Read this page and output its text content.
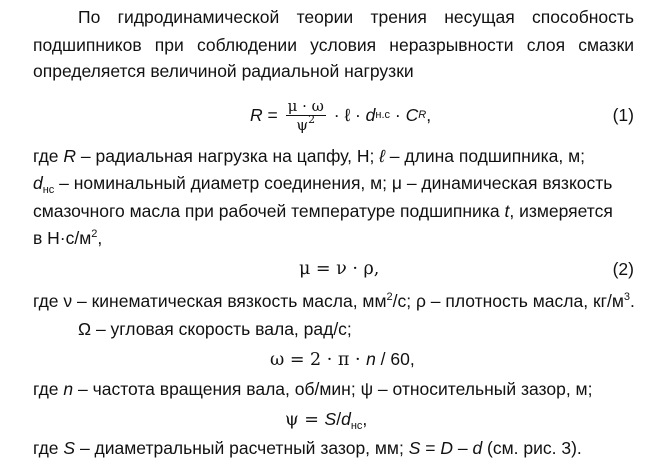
По гидродинамической теории трения несущая способность
подшипников при соблюдении условия неразрывности слоя смазки
определяется величиной радиальной нагрузки
$R = \frac{\mu \cdot \omega}{\psi^2}$ · ℓ · d н.с · C R ,	(1)
где R – радиальная нагрузка на цапфу, Н; ℓ – длина подшипника, м;
$d_{нс}$ – номинальный диаметр соединения, м; μ – динамическая вязкость
смазочного масла при рабочей температуре подшипника t, измеряется
в $Н\cdot с/м^2$,
μ = ν · ρ,	(2)
где ν – кинематическая вязкость масла, $мм^2/с$; ρ – плотность масла, $кг/м^3$.
Ω – угловая скорость вала, рад/с;
ω = 2 · π · n / 60,
где n – частота вращения вала, об/мин; ψ – относительный зазор, м;
$\psi = S/d_{нс}$,
где S – диаметральный расчетный зазор, мм; S = D – d (см. рис. 3).
